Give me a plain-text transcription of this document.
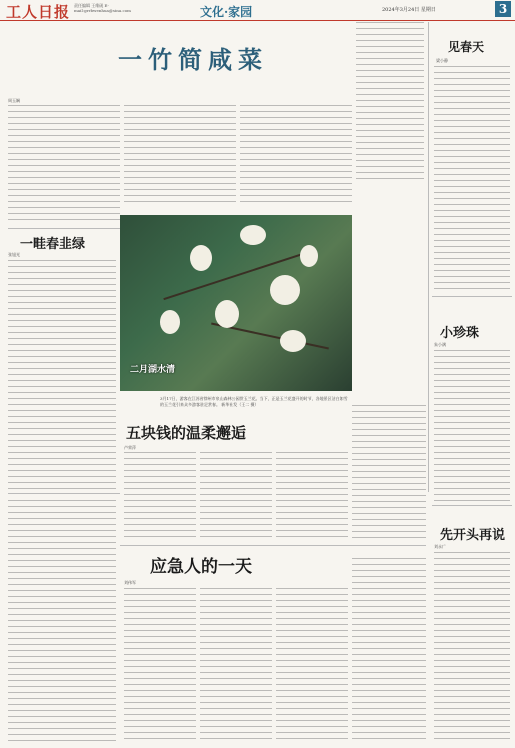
工人日报 责任编辑 王维砚 E-mail:grrbwenhua@sina.com	文化·家园	2024年3月24日 星期日	3
一竹简咸菜
周玉娴
见春天
梁小静
一畦春韭绿
张旭光
二月湖水清
3月17日，游客在江苏省徐州市泉山森林公园赏玉兰花。当下，正是玉兰花盛开的时节，各地景区洁白如雪的玉兰花引来众多游客驻足赏春。 新华社发（王二 摄）
小珍珠
朱小满
五块钱的温柔邂逅
卢荣萍
先开头再说
刘永广
应急人的一天
刘伟军
